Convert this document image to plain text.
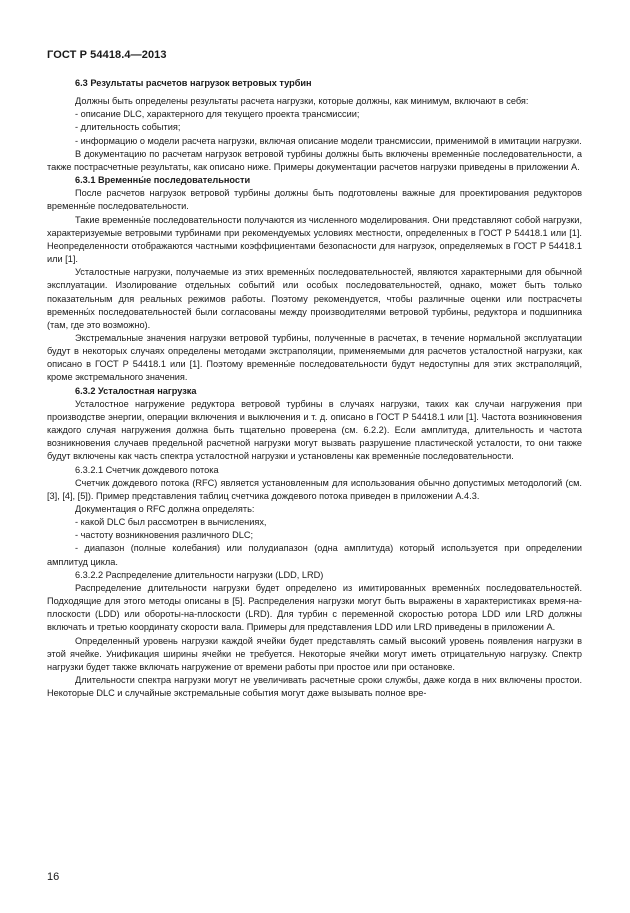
ГОСТ Р 54418.4—2013

6.3 Результаты расчетов нагрузок ветровых турбин

Должны быть определены результаты расчета нагрузки, которые должны, как минимум, включают в себя:

- описание DLC, характерного для текущего проекта трансмиссии;

- длительность события;

- информацию о модели расчета нагрузки, включая описание модели трансмиссии, применимой в имитации нагрузки.

В документацию по расчетам нагрузок ветровой турбины должны быть включены временны́е последовательности, а также пострасчетные результаты, как описано ниже. Примеры документации расчетов нагрузки приведены в приложении А.

6.3.1 Временны́е последовательности

После расчетов нагрузок ветровой турбины должны быть подготовлены важные для проектирования редукторов временны́е последовательности.

Такие временны́е последовательности получаются из численного моделирования. Они представляют собой нагрузки, характеризуемые ветровыми турбинами при рекомендуемых условиях местности, определенных в ГОСТ Р 54418.1 или [1]. Неопределенности отображаются частными коэффициентами безопасности для нагрузок, определяемых в ГОСТ Р 54418.1 или [1].

Усталостные нагрузки, получаемые из этих временны́х последовательностей, являются характерными для обычной эксплуатации. Изолирование отдельных событий или особых последовательностей, однако, может быть только показательным для реальных режимов работы. Поэтому рекомендуется, чтобы различные оценки или пострасчеты временны́х последовательностей были согласованы между производителями ветровой турбины, редуктора и подшипника (там, где это возможно).

Экстремальные значения нагрузки ветровой турбины, полученные в расчетах, в течение нормальной эксплуатации будут в некоторых случаях определены методами экстраполяции, применяемыми для расчетов усталостной нагрузки, как описано в ГОСТ Р 54418.1 или [1]. Поэтому временны́е последовательности будут недоступны для этих экстраполяций, кроме экстремального значения.

6.3.2 Усталостная нагрузка

Усталостное нагружение редуктора ветровой турбины в случаях нагрузки, таких как случаи нагружения при производстве энергии, операции включения и выключения и т. д. описано в ГОСТ Р 54418.1 или [1]. Частота возникновения каждого случая нагружения должна быть тщательно проверена (см. 6.2.2). Если амплитуда, длительность и частота возникновения случаев предельной расчетной нагрузки могут вызвать разрушение пластической усталости, то они также будут включены как часть спектра усталостной нагрузки и установлены как временны́е последовательности.

6.3.2.1 Счетчик дождевого потока

Счетчик дождевого потока (RFC) является установленным для использования обычно допустимых методологий (см. [3], [4], [5]). Пример представления таблиц счетчика дождевого потока приведен в приложении А.4.3.

Документация о RFC должна определять:

- какой DLC был рассмотрен в вычислениях,

- частоту возникновения различного DLC;

- диапазон (полные колебания) или полудиапазон (одна амплитуда) который используется при определении амплитуд цикла.

6.3.2.2 Распределение длительности нагрузки (LDD, LRD)

Распределение длительности нагрузки будет определено из имитированных временны́х последовательностей. Подходящие для этого методы описаны в [5]. Распределения нагрузки могут быть выражены в характеристиках время-на-плоскости (LDD) или обороты-на-плоскости (LRD). Для турбин с переменной скоростью ротора LDD или LRD должны включать и третью координату скорости вала. Примеры для представления LDD или LRD приведены в приложении А.

Определенный уровень нагрузки каждой ячейки будет представлять самый высокий уровень появления нагрузки в этой ячейке. Унификация ширины ячейки не требуется. Некоторые ячейки могут иметь отрицательную нагрузку. Спектр нагрузки будет также включать нагружение от времени работы при простое или при остановке.

Длительности спектра нагрузки могут не увеличивать расчетные сроки службы, даже когда в них включены простои. Некоторые DLC и случайные экстремальные события могут даже вызывать полное вре-

16
